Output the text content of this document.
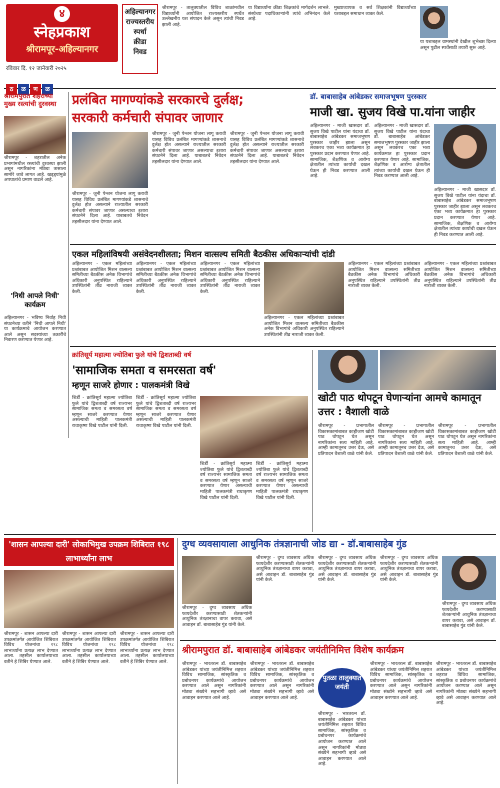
४
स्नेहप्रकाश
श्रीरामपूर-अहिल्यानगर
रविवार दि. १२ जानेवारी २०२५
अहिल्यानगर
राज्यस्तरीय
स्पर्धा
क्रीडा
निवड
श्रीरामपूर - तालुक्यातील विविध शाळांमधील विद्यार्थ्यांनी आयोजित राज्यस्तरीय स्पर्धेत उल्लेखनीय यश संपादन केले असून त्यांची निवड झाली आहे.
या विद्यार्थ्यांना क्रीडा शिक्षकांचे मार्गदर्शन लाभले. संस्थेच्या पदाधिकाऱ्यांनी त्यांचे अभिनंदन केले आहे.
मुख्याध्यापक व सर्व शिक्षकांनी विद्यार्थ्यांच्या यशाबद्दल समाधान व्यक्त केले.
या यशाबद्दल ग्रामस्थांनी देखील शुभेच्छा दिल्या असून पुढील स्पर्धेसाठी तयारी सुरू आहे.
ठ ळ ण ळ
श्रीरामपुरात शहराच्या मुख्य रस्त्यांची दुरवस्था
श्रीरामपूर - शहरातील अनेक प्रभागांमधील रस्त्यांची दुरवस्था झाली असून नागरिकांना मोठ्या त्रासाला सामोरे जावे लागत आहे. खड्ड्यांमुळे अपघातांचे प्रमाण वाढले आहे.
'निधी आपले निधी' कार्यक्रम
अहिल्यानगर - भविष्य निर्वाह निधी संघटनेच्या वतीने 'निधी आपले निधी' या कार्यक्रमाचे आयोजन करण्यात आले असून सदस्यांच्या तक्रारींचे निवारण करण्यात येणार आहे.
प्रलंबित मागण्यांकडे सरकारचे दुर्लक्ष;
सरकारी कर्मचारी संपावर जाणार
श्रीरामपूर - जुनी पेन्शन योजना लागू करावी यासह विविध प्रलंबित मागण्यांकडे शासनाचे दुर्लक्ष होत असल्याने राज्यातील सरकारी कर्मचारी संपावर जाणार असल्याचा इशारा संघटनेने दिला आहे. याबाबतचे निवेदन तहसीलदार यांना देण्यात आले.
श्रीरामपूर - जुनी पेन्शन योजना लागू करावी यासह विविध प्रलंबित मागण्यांकडे शासनाचे दुर्लक्ष होत असल्याने राज्यातील सरकारी कर्मचारी संपावर जाणार असल्याचा इशारा संघटनेने दिला आहे. याबाबतचे निवेदन तहसीलदार यांना देण्यात आले.
श्रीरामपूर - जुनी पेन्शन योजना लागू करावी यासह विविध प्रलंबित मागण्यांकडे शासनाचे दुर्लक्ष होत असल्याने राज्यातील सरकारी कर्मचारी संपावर जाणार असल्याचा इशारा संघटनेने दिला आहे. याबाबतचे निवेदन तहसीलदार यांना देण्यात आले.
डॉ. बाबासाहेब आंबेडकर समाजभूषण पुरस्कार
माजी खा. सुजय विखे पा.यांना जाहीर
अहिल्यानगर - माजी खासदार डॉ. सुजय विखे पाटील यांना यंदाचा डॉ. बाबासाहेब आंबेडकर समाजभूषण पुरस्कार जाहीर झाला असून लवकरच एका भव्य कार्यक्रमात हा पुरस्कार प्रदान करण्यात येणार आहे. सामाजिक, शैक्षणिक व आरोग्य क्षेत्रातील त्यांच्या कार्याची दखल घेऊन ही निवड करण्यात आली आहे.
अहिल्यानगर - माजी खासदार डॉ. सुजय विखे पाटील यांना यंदाचा डॉ. बाबासाहेब आंबेडकर समाजभूषण पुरस्कार जाहीर झाला असून लवकरच एका भव्य कार्यक्रमात हा पुरस्कार प्रदान करण्यात येणार आहे. सामाजिक, शैक्षणिक व आरोग्य क्षेत्रातील त्यांच्या कार्याची दखल घेऊन ही निवड करण्यात आली आहे.
अहिल्यानगर - माजी खासदार डॉ. सुजय विखे पाटील यांना यंदाचा डॉ. बाबासाहेब आंबेडकर समाजभूषण पुरस्कार जाहीर झाला असून लवकरच एका भव्य कार्यक्रमात हा पुरस्कार प्रदान करण्यात येणार आहे. सामाजिक, शैक्षणिक व आरोग्य क्षेत्रातील त्यांच्या कार्याची दखल घेऊन ही निवड करण्यात आली आहे.
एकल महिलांविषयी असंवेदनशीलता; मिशन वात्सल्य समिती बैठकीस अधिकाऱ्यांची दांडी
अहिल्यानगर - एकल महिलांच्या प्रश्नांबाबत आयोजित मिशन वात्सल्य समितीच्या बैठकीस अनेक विभागांचे अधिकारी अनुपस्थित राहिल्याने उपस्थितांनी तीव्र नाराजी व्यक्त केली.
अहिल्यानगर - एकल महिलांच्या प्रश्नांबाबत आयोजित मिशन वात्सल्य समितीच्या बैठकीस अनेक विभागांचे अधिकारी अनुपस्थित राहिल्याने उपस्थितांनी तीव्र नाराजी व्यक्त केली.
अहिल्यानगर - एकल महिलांच्या प्रश्नांबाबत आयोजित मिशन वात्सल्य समितीच्या बैठकीस अनेक विभागांचे अधिकारी अनुपस्थित राहिल्याने उपस्थितांनी तीव्र नाराजी व्यक्त केली.
अहिल्यानगर - एकल महिलांच्या प्रश्नांबाबत आयोजित मिशन वात्सल्य समितीच्या बैठकीस अनेक विभागांचे अधिकारी अनुपस्थित राहिल्याने उपस्थितांनी तीव्र नाराजी व्यक्त केली.
अहिल्यानगर - एकल महिलांच्या प्रश्नांबाबत आयोजित मिशन वात्सल्य समितीच्या बैठकीस अनेक विभागांचे अधिकारी अनुपस्थित राहिल्याने उपस्थितांनी तीव्र नाराजी व्यक्त केली.
अहिल्यानगर - एकल महिलांच्या प्रश्नांबाबत आयोजित मिशन वात्सल्य समितीच्या बैठकीस अनेक विभागांचे अधिकारी अनुपस्थित राहिल्याने उपस्थितांनी तीव्र नाराजी व्यक्त केली.
क्रांतिसूर्य महात्मा ज्योतिबा फुले यांचे द्विशताब्दी वर्ष
'सामाजिक समता व समरसता वर्ष'
म्हणून साजरे होणार : पालकमंत्री विखे
शिर्डी - क्रांतिसूर्य महात्मा ज्योतिबा फुले यांचे द्विशताब्दी वर्ष राज्यभर सामाजिक समता व समरसता वर्ष म्हणून साजरे करण्यात येणार असल्याची माहिती पालकमंत्री राधाकृष्ण विखे पाटील यांनी दिली.
शिर्डी - क्रांतिसूर्य महात्मा ज्योतिबा फुले यांचे द्विशताब्दी वर्ष राज्यभर सामाजिक समता व समरसता वर्ष म्हणून साजरे करण्यात येणार असल्याची माहिती पालकमंत्री राधाकृष्ण विखे पाटील यांनी दिली.
शिर्डी - क्रांतिसूर्य महात्मा ज्योतिबा फुले यांचे द्विशताब्दी वर्ष राज्यभर सामाजिक समता व समरसता वर्ष म्हणून साजरे करण्यात येणार असल्याची माहिती पालकमंत्री राधाकृष्ण विखे पाटील यांनी दिली.
शिर्डी - क्रांतिसूर्य महात्मा ज्योतिबा फुले यांचे द्विशताब्दी वर्ष राज्यभर सामाजिक समता व समरसता वर्ष म्हणून साजरे करण्यात येणार असल्याची माहिती पालकमंत्री राधाकृष्ण विखे पाटील यांनी दिली.
खोटी पाठ थोपटून घेणाऱ्यांना आमचे कामातून उत्तर : वैशाली वाळे
श्रीरामपूर - प्रभागातील विकासकामांबाबत काहीजण खोटी पाठ थोपटून घेत असून नागरिकांना सत्य माहिती आहे. आम्ही कामातूनच उत्तर देऊ, असे प्रतिपादन वैशाली वाळे यांनी केले.
श्रीरामपूर - प्रभागातील विकासकामांबाबत काहीजण खोटी पाठ थोपटून घेत असून नागरिकांना सत्य माहिती आहे. आम्ही कामातूनच उत्तर देऊ, असे प्रतिपादन वैशाली वाळे यांनी केले.
श्रीरामपूर - प्रभागातील विकासकामांबाबत काहीजण खोटी पाठ थोपटून घेत असून नागरिकांना सत्य माहिती आहे. आम्ही कामातूनच उत्तर देऊ, असे प्रतिपादन वैशाली वाळे यांनी केले.
'शासन आपल्या दारी' लोकाभिमुख उपक्रम शिबिरात १९८ लाभार्थ्यांना लाभ
श्रीरामपूर - शासन आपल्या दारी उपक्रमांतर्गत आयोजित शिबिरात विविध योजनांचा १९८ लाभार्थ्यांना प्रत्यक्ष लाभ देण्यात आला. तहसील कार्यालयाच्या वतीने हे शिबिर घेण्यात आले.
श्रीरामपूर - शासन आपल्या दारी उपक्रमांतर्गत आयोजित शिबिरात विविध योजनांचा १९८ लाभार्थ्यांना प्रत्यक्ष लाभ देण्यात आला. तहसील कार्यालयाच्या वतीने हे शिबिर घेण्यात आले.
श्रीरामपूर - शासन आपल्या दारी उपक्रमांतर्गत आयोजित शिबिरात विविध योजनांचा १९८ लाभार्थ्यांना प्रत्यक्ष लाभ देण्यात आला. तहसील कार्यालयाच्या वतीने हे शिबिर घेण्यात आले.
दुग्ध व्यवसायाला आधुनिक तंत्रज्ञानाची जोड द्या - डॉ.बाबासाहेब गुंड
श्रीरामपूर - दुग्ध व्यवसाय अधिक फायदेशीर करण्यासाठी शेतकऱ्यांनी आधुनिक तंत्रज्ञानाचा वापर करावा, असे आवाहन डॉ. बाबासाहेब गुंड यांनी केले.
श्रीरामपूर - दुग्ध व्यवसाय अधिक फायदेशीर करण्यासाठी शेतकऱ्यांनी आधुनिक तंत्रज्ञानाचा वापर करावा, असे आवाहन डॉ. बाबासाहेब गुंड यांनी केले.
श्रीरामपूर - दुग्ध व्यवसाय अधिक फायदेशीर करण्यासाठी शेतकऱ्यांनी आधुनिक तंत्रज्ञानाचा वापर करावा, असे आवाहन डॉ. बाबासाहेब गुंड यांनी केले.
श्रीरामपूर - दुग्ध व्यवसाय अधिक फायदेशीर करण्यासाठी शेतकऱ्यांनी आधुनिक तंत्रज्ञानाचा वापर करावा, असे आवाहन डॉ. बाबासाहेब गुंड यांनी केले.
श्रीरामपूर - दुग्ध व्यवसाय अधिक फायदेशीर करण्यासाठी शेतकऱ्यांनी आधुनिक तंत्रज्ञानाचा वापर करावा, असे आवाहन डॉ. बाबासाहेब गुंड यांनी केले.
श्रीरामपुरात डॉ. बाबासाहेब आंबेडकर जयंतीनिमित्त विशेष कार्यक्रम
श्रीरामपूर - भारतरत्न डॉ. बाबासाहेब आंबेडकर यांच्या जयंतीनिमित्त शहरात विविध सामाजिक, सांस्कृतिक व प्रबोधनपर कार्यक्रमांचे आयोजन करण्यात आले असून नागरिकांनी मोठ्या संख्येने सहभागी व्हावे असे आवाहन करण्यात आले आहे.
श्रीरामपूर - भारतरत्न डॉ. बाबासाहेब आंबेडकर यांच्या जयंतीनिमित्त शहरात विविध सामाजिक, सांस्कृतिक व प्रबोधनपर कार्यक्रमांचे आयोजन करण्यात आले असून नागरिकांनी मोठ्या संख्येने सहभागी व्हावे असे आवाहन करण्यात आले आहे.
पुतळा तालुक्यात जयंती
श्रीरामपूर - भारतरत्न डॉ. बाबासाहेब आंबेडकर यांच्या जयंतीनिमित्त शहरात विविध सामाजिक, सांस्कृतिक व प्रबोधनपर कार्यक्रमांचे आयोजन करण्यात आले असून नागरिकांनी मोठ्या संख्येने सहभागी व्हावे असे आवाहन करण्यात आले आहे.
श्रीरामपूर - भारतरत्न डॉ. बाबासाहेब आंबेडकर यांच्या जयंतीनिमित्त शहरात विविध सामाजिक, सांस्कृतिक व प्रबोधनपर कार्यक्रमांचे आयोजन करण्यात आले असून नागरिकांनी मोठ्या संख्येने सहभागी व्हावे असे आवाहन करण्यात आले आहे.
श्रीरामपूर - भारतरत्न डॉ. बाबासाहेब आंबेडकर यांच्या जयंतीनिमित्त शहरात विविध सामाजिक, सांस्कृतिक व प्रबोधनपर कार्यक्रमांचे आयोजन करण्यात आले असून नागरिकांनी मोठ्या संख्येने सहभागी व्हावे असे आवाहन करण्यात आले आहे.
